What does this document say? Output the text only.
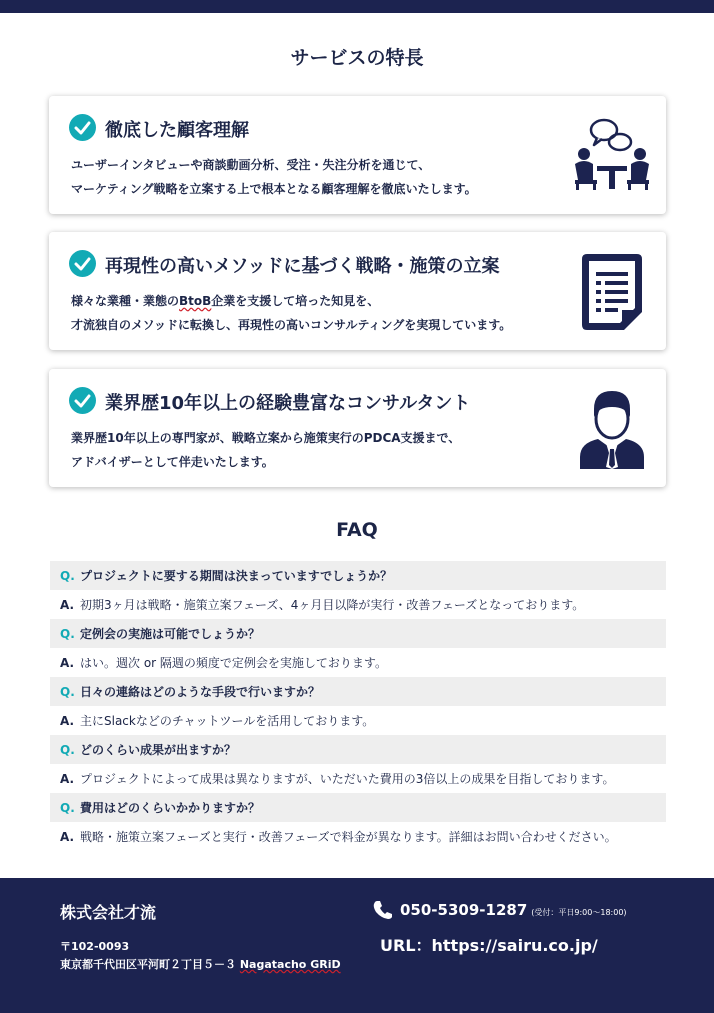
サービスの特長
徹底した顧客理解
ユーザーインタビューや商談動画分析、受注・失注分析を通じて、
マーケティング戦略を立案する上で根本となる顧客理解を徹底いたします。
再現性の高いメソッドに基づく戦略・施策の立案
様々な業種・業態のBtoB企業を支援して培った知見を、
才流独自のメソッドに転換し、再現性の高いコンサルティングを実現しています。
業界歴10年以上の経験豊富なコンサルタント
業界歴10年以上の専門家が、戦略立案から施策実行のPDCA支援まで、
アドバイザーとして伴走いたします。
FAQ
Q. プロジェクトに要する期間は決まっていますでしょうか？
A. 初期3ヶ月は戦略・施策立案フェーズ、4ヶ月目以降が実行・改善フェーズとなっております。
Q. 定例会の実施は可能でしょうか？
A. はい。週次 or 隔週の頻度で定例会を実施しております。
Q. 日々の連絡はどのような手段で行いますか？
A. 主にSlackなどのチャットツールを活用しております。
Q. どのくらい成果が出ますか？
A. プロジェクトによって成果は異なりますが、いただいた費用の3倍以上の成果を目指しております。
Q. 費用はどのくらいかかりますか？
A. 戦略・施策立案フェーズと実行・改善フェーズで料金が異なります。詳細はお問い合わせください。
株式会社才流
〒102-0093
東京都千代田区平河町２丁目５－３ Nagatacho GRiD
050-5309-1287 (受付：平日9:00〜18:00)
URL：https://sairu.co.jp/
